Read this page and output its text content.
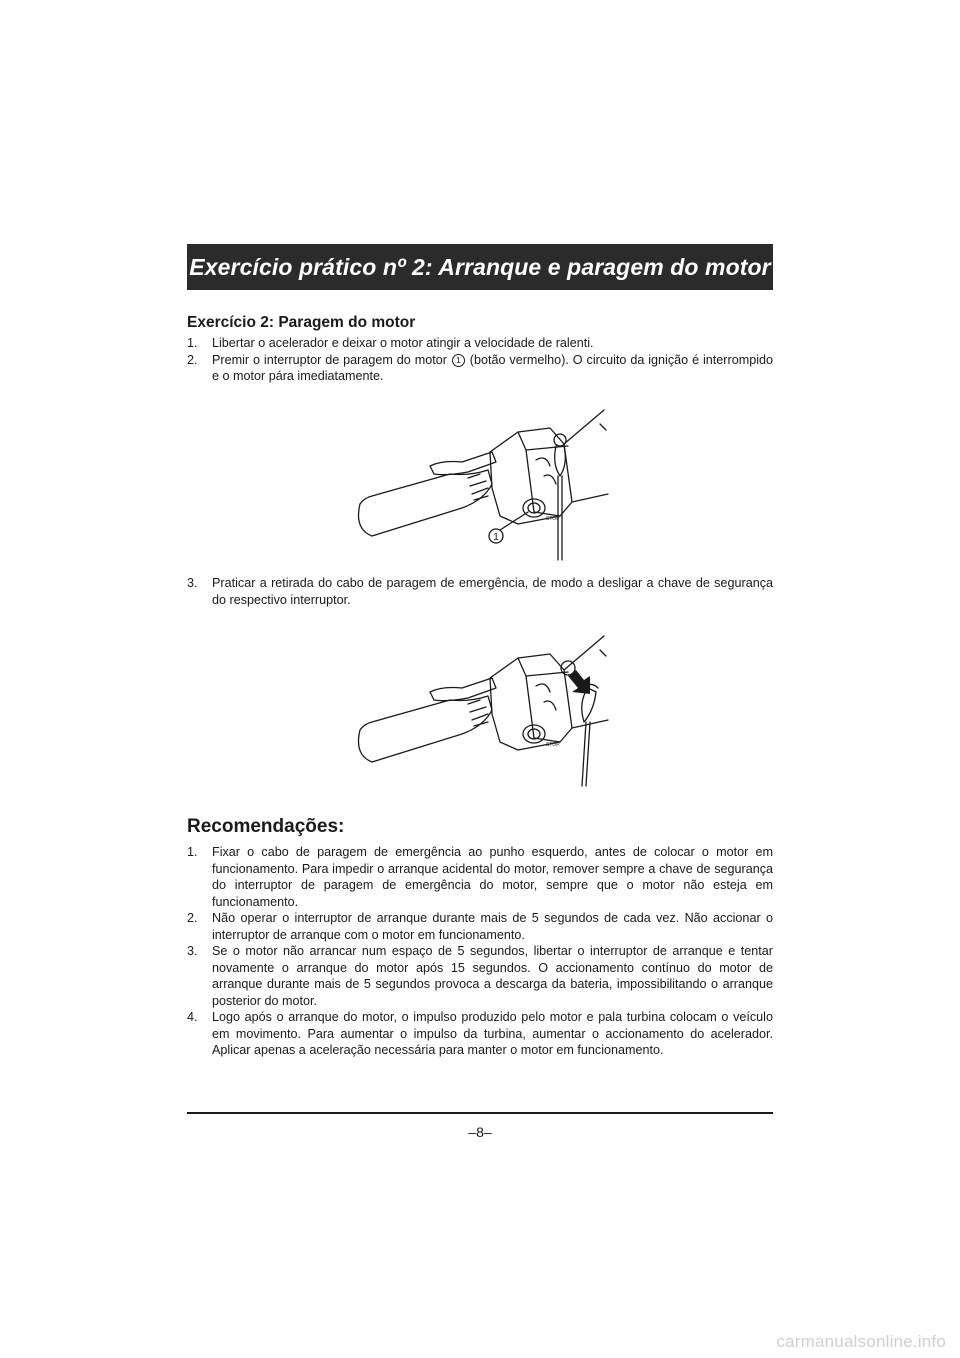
Exercício prático nº 2: Arranque e paragem do motor
Exercício 2: Paragem do motor
1. Libertar o acelerador e deixar o motor atingir a velocidade de ralenti.
2. Premir o interruptor de paragem do motor 1 (botão vermelho). O circuito da ignição é interrompido e o motor pára imediatamente.
1
STOP
3. Praticar a retirada do cabo de paragem de emergência, de modo a desligar a chave de segurança do respectivo interruptor.
STOP
Recomendações:
1. Fixar o cabo de paragem de emergência ao punho esquerdo, antes de colocar o motor em funcionamento. Para impedir o arranque acidental do motor, remover sempre a chave de segurança do interruptor de paragem de emergência do motor, sempre que o motor não esteja em funcionamento.
2. Não operar o interruptor de arranque durante mais de 5 segundos de cada vez. Não accionar o interruptor de arranque com o motor em funcionamento.
3. Se o motor não arrancar num espaço de 5 segundos, libertar o interruptor de arranque e tentar novamente o arranque do motor após 15 segundos. O accionamento contínuo do motor de arranque durante mais de 5 segundos provoca a descarga da bateria, impossibilitando o arranque posterior do motor.
4. Logo após o arranque do motor, o impulso produzido pelo motor e pala turbina colocam o veículo em movimento. Para aumentar o impulso da turbina, aumentar o accionamento do acelerador. Aplicar apenas a aceleração necessária para manter o motor em funcionamento.
–8–
carmanualsonline.info
